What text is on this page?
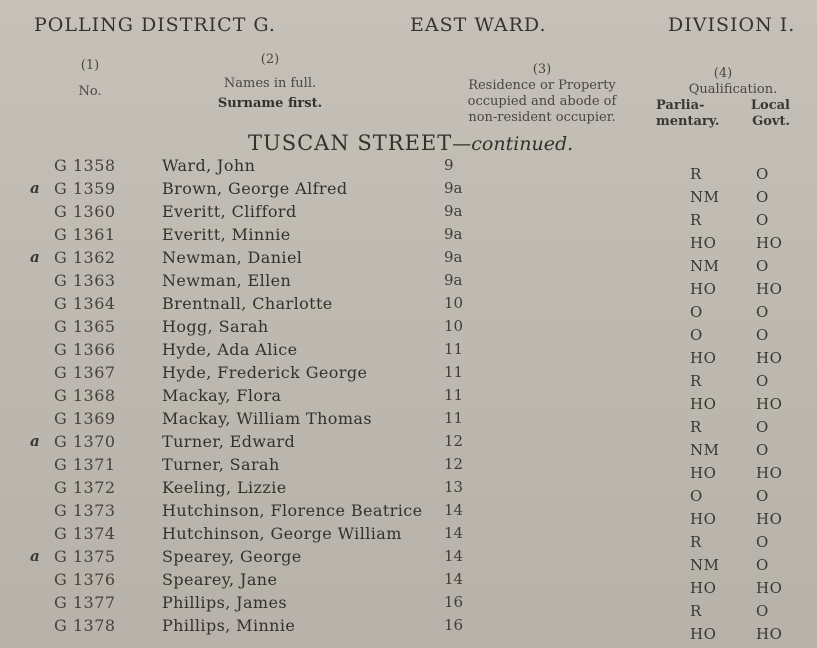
POLLING DISTRICT G.	EAST WARD.	DIVISION I.
(1)
No.
(2)
Names in full.
Surname first.
(3)
Residence or Property
occupied and abode of
non-resident occupier.
(4)
Qualification.
Parlia-	Local
mentary.	Govt.
TUSCAN STREET—continued.
G 1358	Ward, John	9	R	O
a G 1359	Brown, George Alfred	9a	NM O
G 1360	Everitt, Clifford	9a	R	O
G 1361	Everitt, Minnie	9a	HO	HO
a G 1362	Newman, Daniel	9a	NM O
G 1363	Newman, Ellen	9a	HO	HO
G 1364	Brentnall, Charlotte	10	O	O
G 1365	Hogg, Sarah	10	O	O
G 1366	Hyde, Ada Alice	11	HO	HO
G 1367	Hyde, Frederick George	11	R	O
G 1368	Mackay, Flora	11	HO	HO
G 1369	Mackay, William Thomas	11	R	O
a G 1370	Turner, Edward	12	NM O
G 1371	Turner, Sarah	12	HO	HO
G 1372	Keeling, Lizzie	13	O	O
G 1373	Hutchinson, Florence Beatrice 14	HO	HO
G 1374	Hutchinson, George William	14	R	O
a G 1375	Spearey, George	14	NM O
G 1376	Spearey, Jane	14	HO	HO
G 1377	Phillips, James	16	R	O
G 1378	Phillips, Minnie	16	HO	HO
